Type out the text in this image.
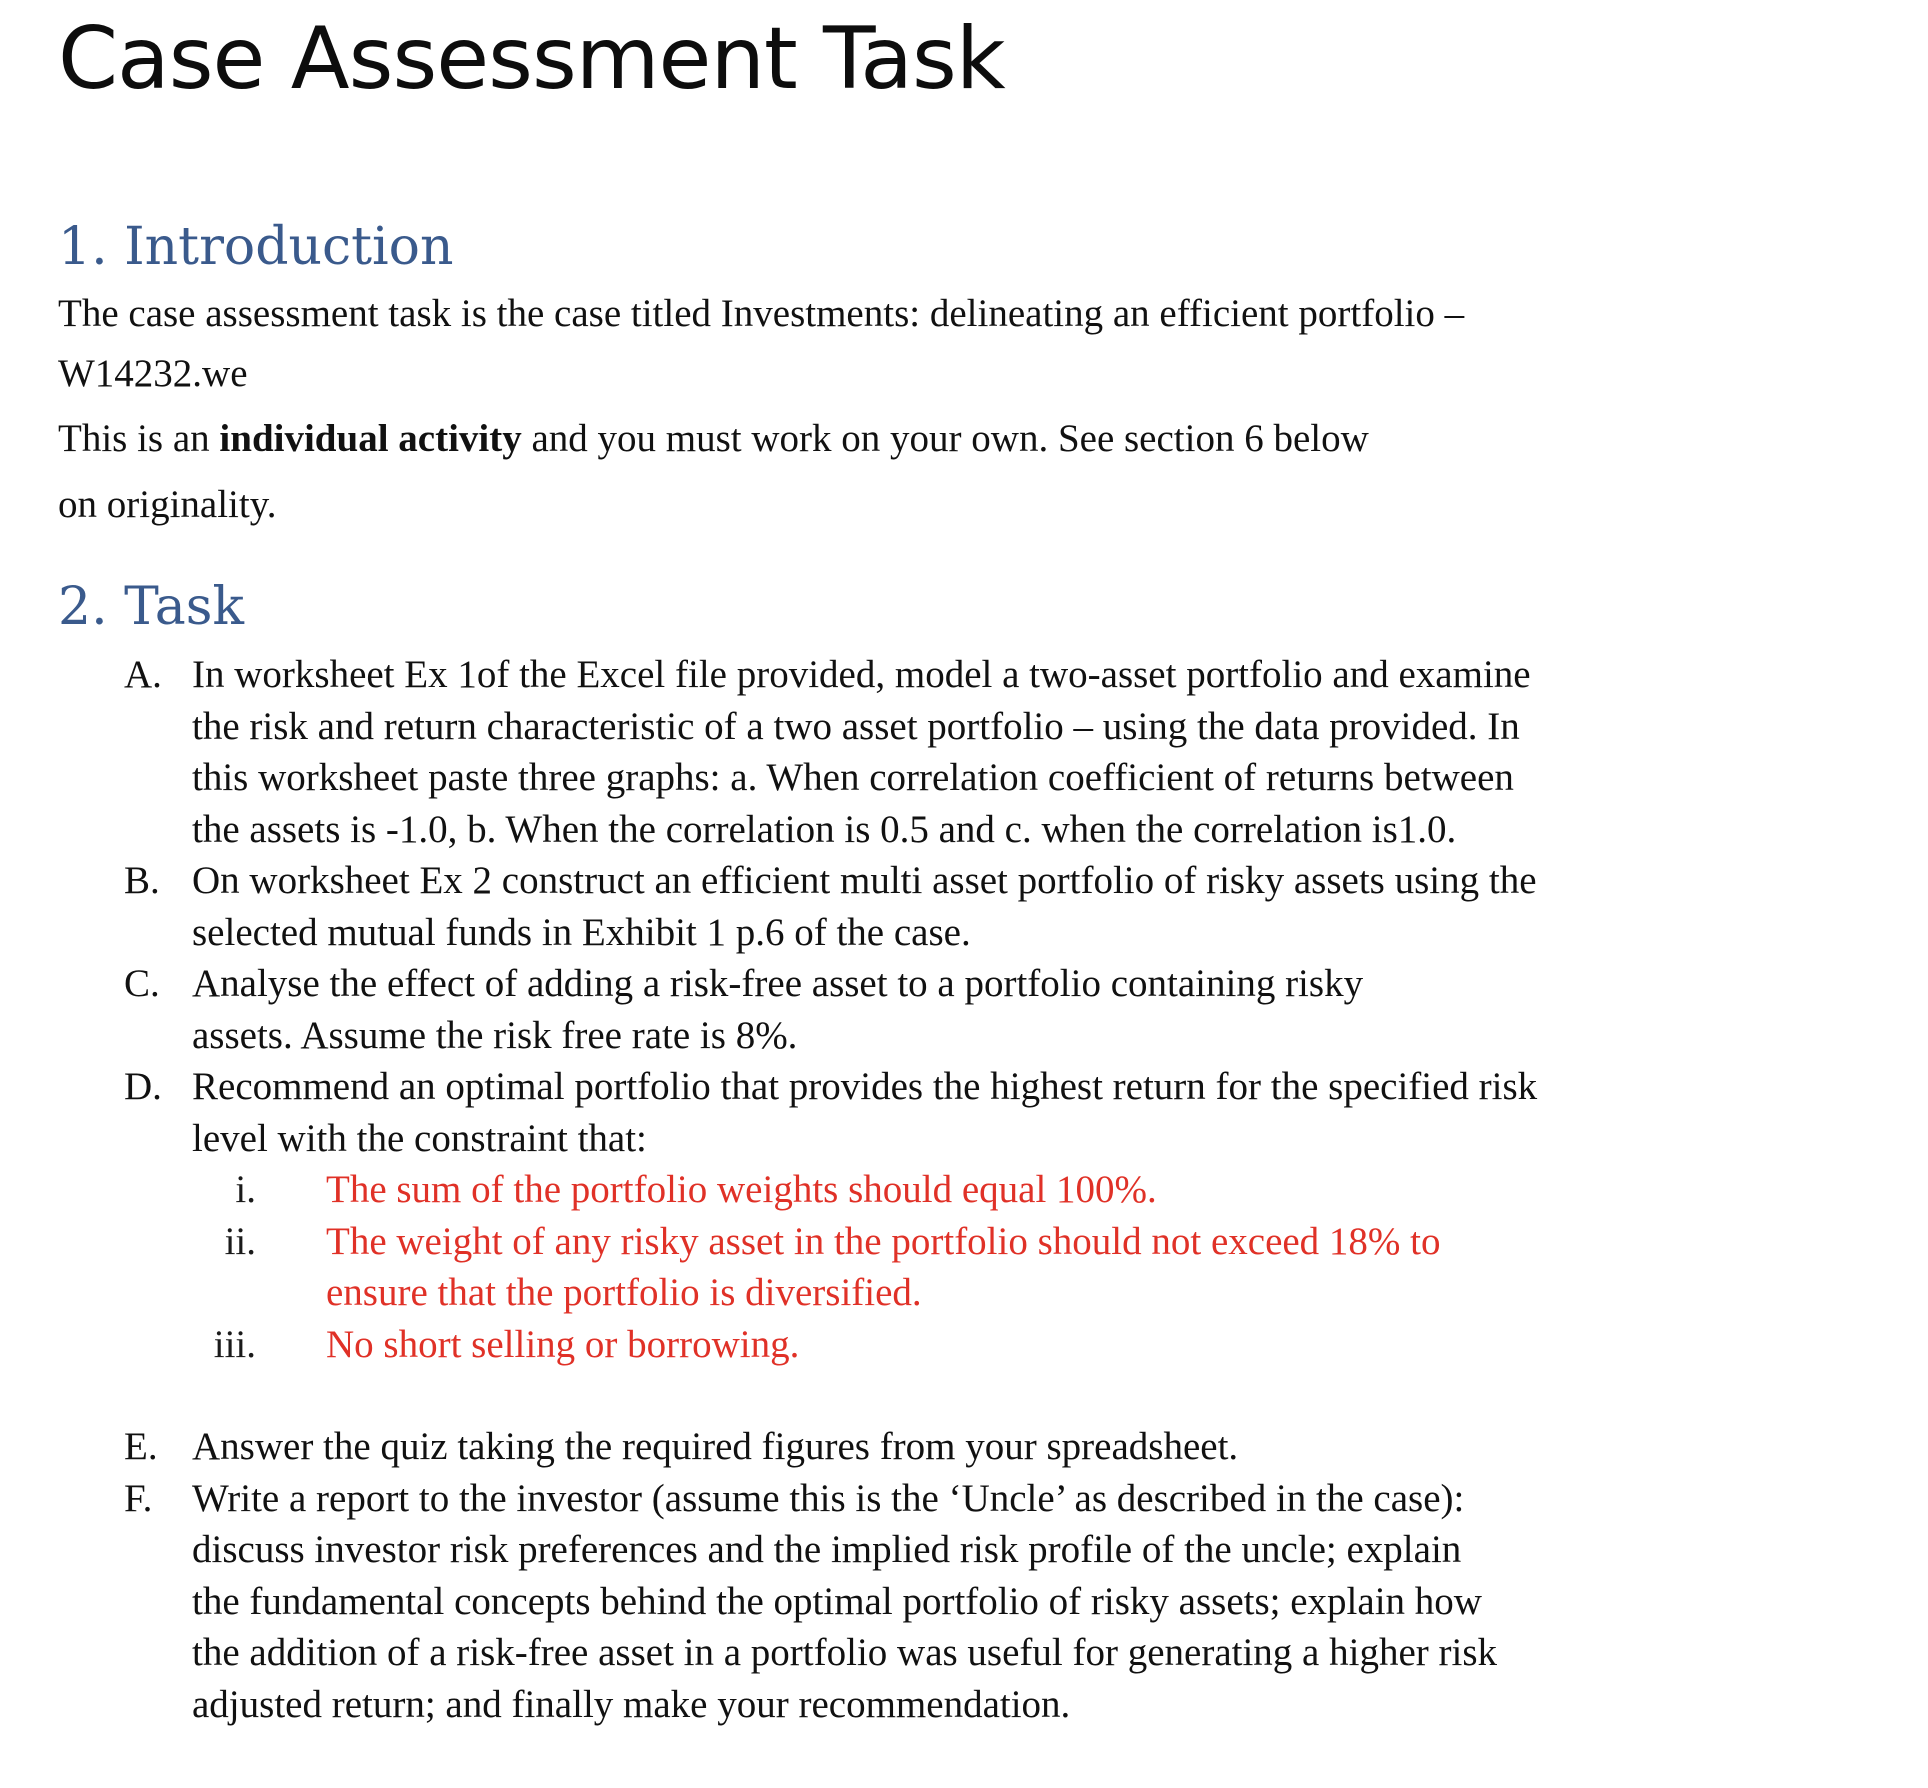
Case Assessment Task
1. Introduction

The case assessment task is the case titled Investments: delineating an efficient portfolio –
W14232.we

This is an individual activity and you must work on your own. See section 6 below
on originality.

2. Task
A. In worksheet Ex 1of the Excel file provided, model a two-asset portfolio and examine
the risk and return characteristic of a two asset portfolio – using the data provided. In
this worksheet paste three graphs: a. When correlation coefficient of returns between
the assets is -1.0, b. When the correlation is 0.5 and c. when the correlation is1.0.
B. On worksheet Ex 2 construct an efficient multi asset portfolio of risky assets using the
selected mutual funds in Exhibit 1 p.6 of the case.
C. Analyse the effect of adding a risk-free asset to a portfolio containing risky
assets. Assume the risk free rate is 8%.
D. Recommend an optimal portfolio that provides the highest return for the specified risk
level with the constraint that:
i. The sum of the portfolio weights should equal 100%.
ii. The weight of any risky asset in the portfolio should not exceed 18% to
ensure that the portfolio is diversified.
iii. No short selling or borrowing.
E. Answer the quiz taking the required figures from your spreadsheet.
F.	Write a report to the investor (assume this is the ‘Uncle’ as described in the case):
discuss investor risk preferences and the implied risk profile of the uncle; explain
the fundamental concepts behind the optimal portfolio of risky assets; explain how
the addition of a risk-free asset in a portfolio was useful for generating a higher risk
adjusted return; and finally make your recommendation.
